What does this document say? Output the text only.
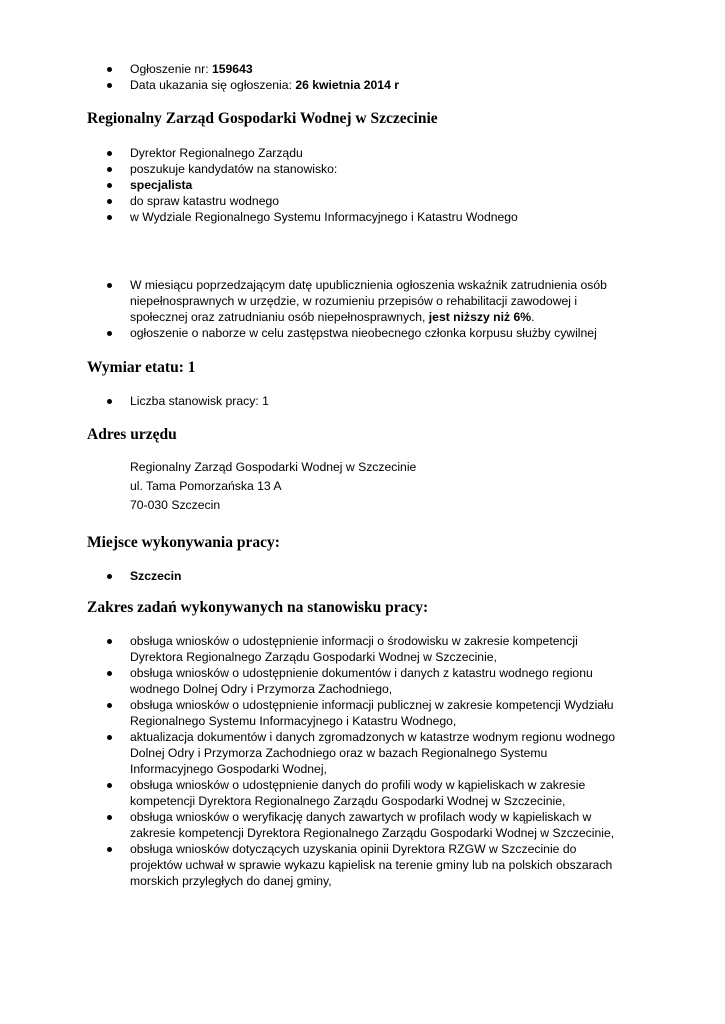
Ogłoszenie nr: 159643
Data ukazania się ogłoszenia: 26 kwietnia 2014 r
Regionalny Zarząd Gospodarki Wodnej w Szczecinie
Dyrektor Regionalnego Zarządu
poszukuje kandydatów na stanowisko:
specjalista
do spraw katastru wodnego
w Wydziale Regionalnego Systemu Informacyjnego i Katastru Wodnego
W miesiącu poprzedzającym datę upublicznienia ogłoszenia wskaźnik zatrudnienia osób niepełnosprawnych w urzędzie, w rozumieniu przepisów o rehabilitacji zawodowej i społecznej oraz zatrudnianiu osób niepełnosprawnych, jest niższy niż 6%.
ogłoszenie o naborze w celu zastępstwa nieobecnego członka korpusu służby cywilnej
Wymiar etatu: 1
Liczba stanowisk pracy: 1
Adres urzędu
Regionalny Zarząd Gospodarki Wodnej w Szczecinie
ul. Tama Pomorzańska 13 A
70-030 Szczecin
Miejsce wykonywania pracy:
Szczecin
Zakres zadań wykonywanych na stanowisku pracy:
obsługa wniosków o udostępnienie informacji o środowisku w zakresie kompetencji Dyrektora Regionalnego Zarządu Gospodarki Wodnej w Szczecinie,
obsługa wniosków o udostępnienie dokumentów i danych z katastru wodnego regionu wodnego Dolnej Odry i Przymorza Zachodniego,
obsługa wniosków o udostępnienie informacji publicznej w zakresie kompetencji Wydziału Regionalnego Systemu Informacyjnego i Katastru Wodnego,
aktualizacja dokumentów i danych zgromadzonych w katastrze wodnym regionu wodnego Dolnej Odry i Przymorza Zachodniego oraz w bazach Regionalnego Systemu Informacyjnego Gospodarki Wodnej,
obsługa wniosków o udostępnienie danych do profili wody w kąpieliskach w zakresie kompetencji Dyrektora Regionalnego Zarządu Gospodarki Wodnej w Szczecinie,
obsługa wniosków o weryfikację danych zawartych w profilach wody w kąpieliskach w zakresie kompetencji Dyrektora Regionalnego Zarządu Gospodarki Wodnej w Szczecinie,
obsługa wniosków dotyczących uzyskania opinii Dyrektora RZGW w Szczecinie do projektów uchwał w sprawie wykazu kąpielisk na terenie gminy lub na polskich obszarach morskich przyległych do danej gminy,
